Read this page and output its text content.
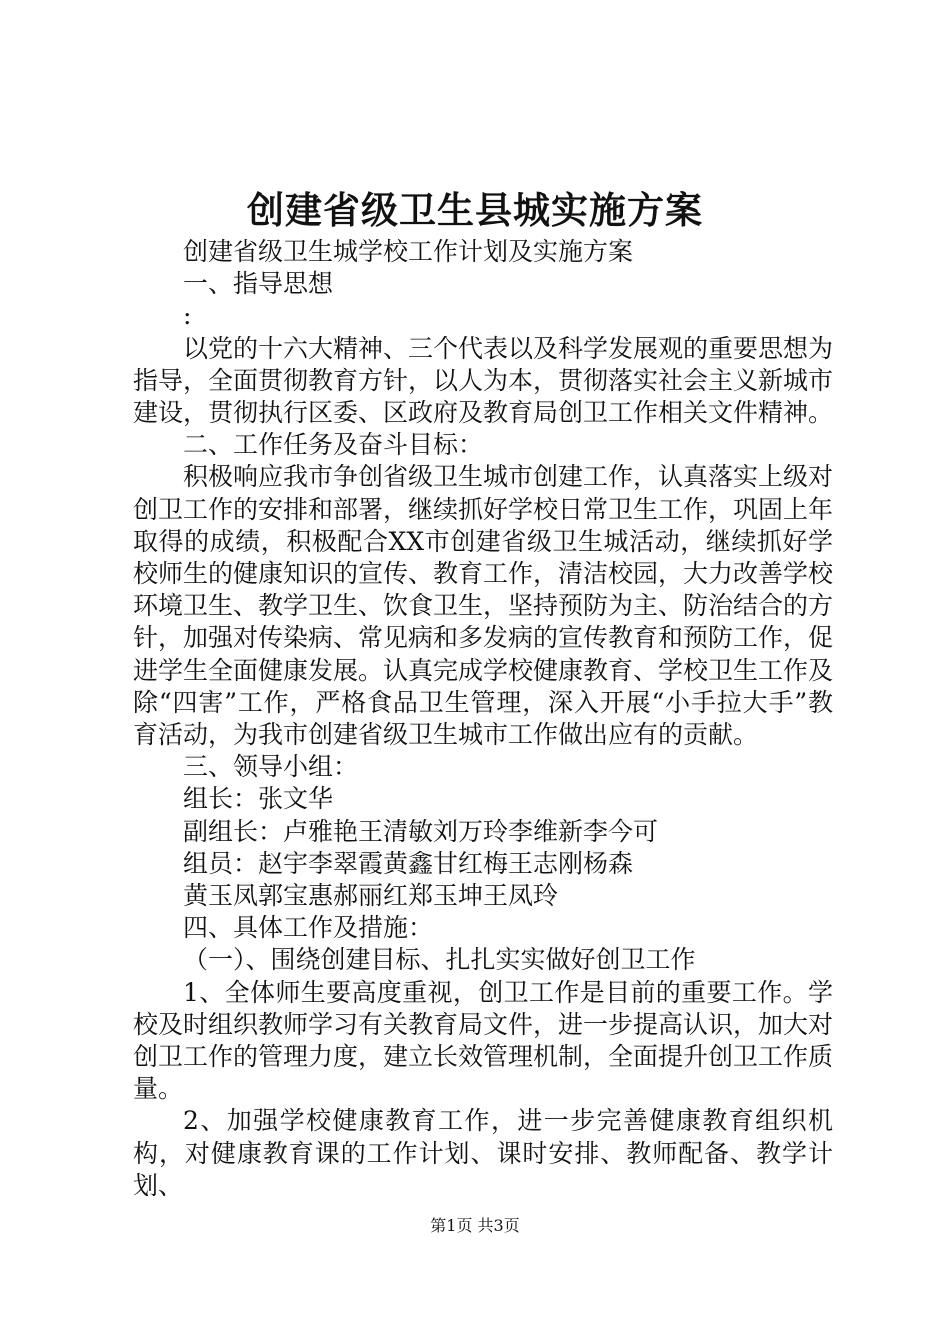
创建省级卫生县城实施方案

创建省级卫生城学校工作计划及实施方案

一、指导思想

:

以党的十六大精神、三个代表以及科学发展观的重要思想为指导，全面贯彻教育方针，以人为本，贯彻落实社会主义新城市建设，贯彻执行区委、区政府及教育局创卫工作相关文件精神。

二、工作任务及奋斗目标：

积极响应我市争创省级卫生城市创建工作，认真落实上级对创卫工作的安排和部署，继续抓好学校日常卫生工作，巩固上年取得的成绩，积极配合XX市创建省级卫生城活动，继续抓好学校师生的健康知识的宣传、教育工作，清洁校园，大力改善学校环境卫生、教学卫生、饮食卫生，坚持预防为主、防治结合的方针，加强对传染病、常见病和多发病的宣传教育和预防工作，促进学生全面健康发展。认真完成学校健康教育、学校卫生工作及除“四害”工作，严格食品卫生管理，深入开展“小手拉大手”教育活动，为我市创建省级卫生城市工作做出应有的贡献。

三、领导小组：

组长：张文华

副组长：卢雅艳王清敏刘万玲李维新李今可

组员：赵宇李翠霞黄鑫甘红梅王志刚杨森

黄玉凤郭宝惠郝丽红郑玉坤王凤玲

四、具体工作及措施：

（一）、围绕创建目标、扎扎实实做好创卫工作

1、全体师生要高度重视，创卫工作是目前的重要工作。学校及时组织教师学习有关教育局文件，进一步提高认识，加大对创卫工作的管理力度，建立长效管理机制，全面提升创卫工作质量。

2、加强学校健康教育工作，进一步完善健康教育组织机构，对健康教育课的工作计划、课时安排、教师配备、教学计划、

第1页 共3页
